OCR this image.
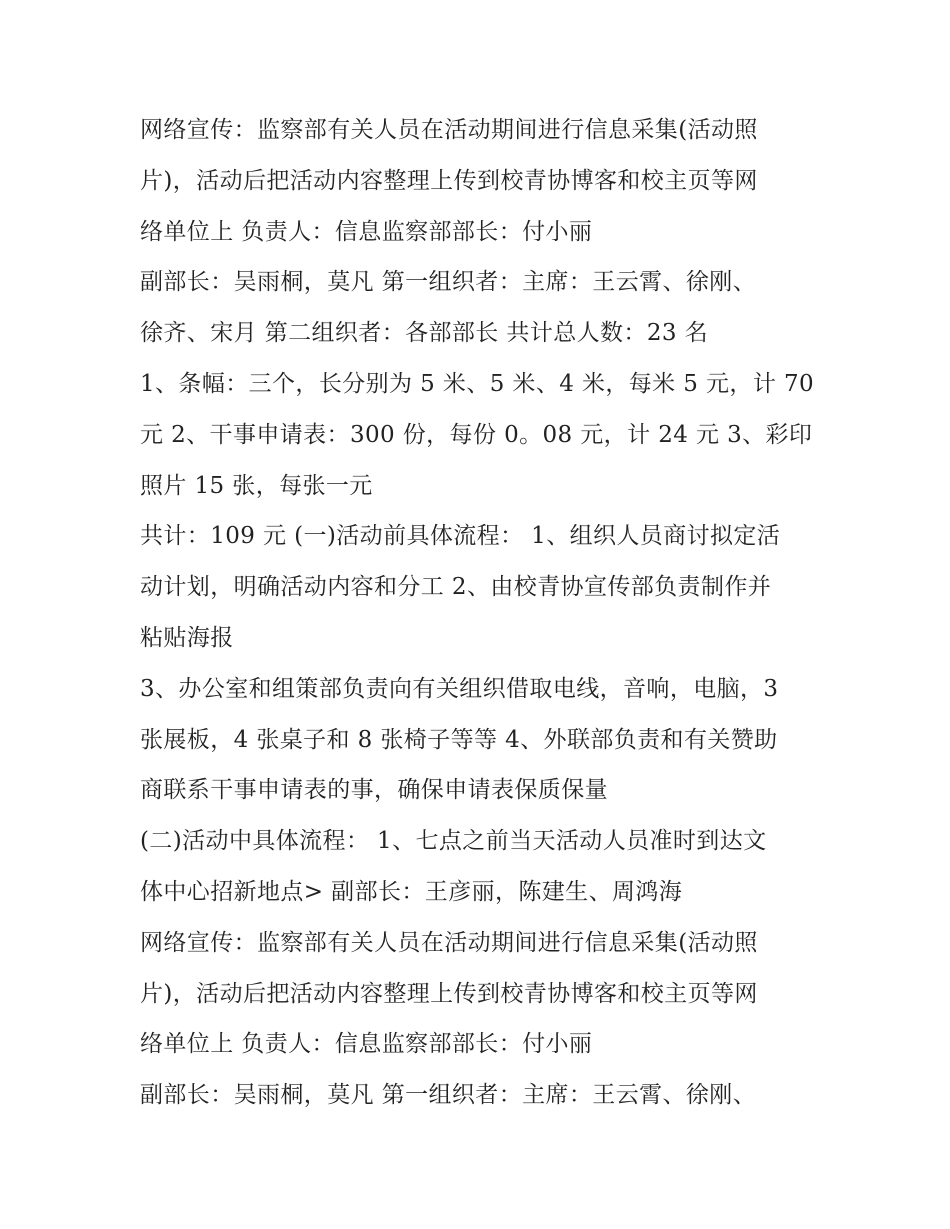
网络宣传：监察部有关人员在活动期间进行信息采集(活动照
片)，活动后把活动内容整理上传到校青协博客和校主页等网
络单位上 负责人：信息监察部部长：付小丽
副部长：吴雨桐，莫凡 第一组织者：主席：王云霄、徐刚、
徐齐、宋月 第二组织者：各部部长 共计总人数：23 名
1、条幅：三个，长分别为 5 米、5 米、4 米，每米 5 元，计 70
元 2、干事申请表：300 份，每份 0。08 元，计 24 元 3、彩印
照片 15 张，每张一元
共计：109 元 (一)活动前具体流程： 1、组织人员商讨拟定活
动计划，明确活动内容和分工 2、由校青协宣传部负责制作并
粘贴海报
3、办公室和组策部负责向有关组织借取电线，音响，电脑，3
张展板，4 张桌子和 8 张椅子等等 4、外联部负责和有关赞助
商联系干事申请表的事，确保申请表保质保量
(二)活动中具体流程： 1、七点之前当天活动人员准时到达文
体中心招新地点> 副部长：王彦丽，陈建生、周鸿海
网络宣传：监察部有关人员在活动期间进行信息采集(活动照
片)，活动后把活动内容整理上传到校青协博客和校主页等网
络单位上 负责人：信息监察部部长：付小丽
副部长：吴雨桐，莫凡 第一组织者：主席：王云霄、徐刚、
